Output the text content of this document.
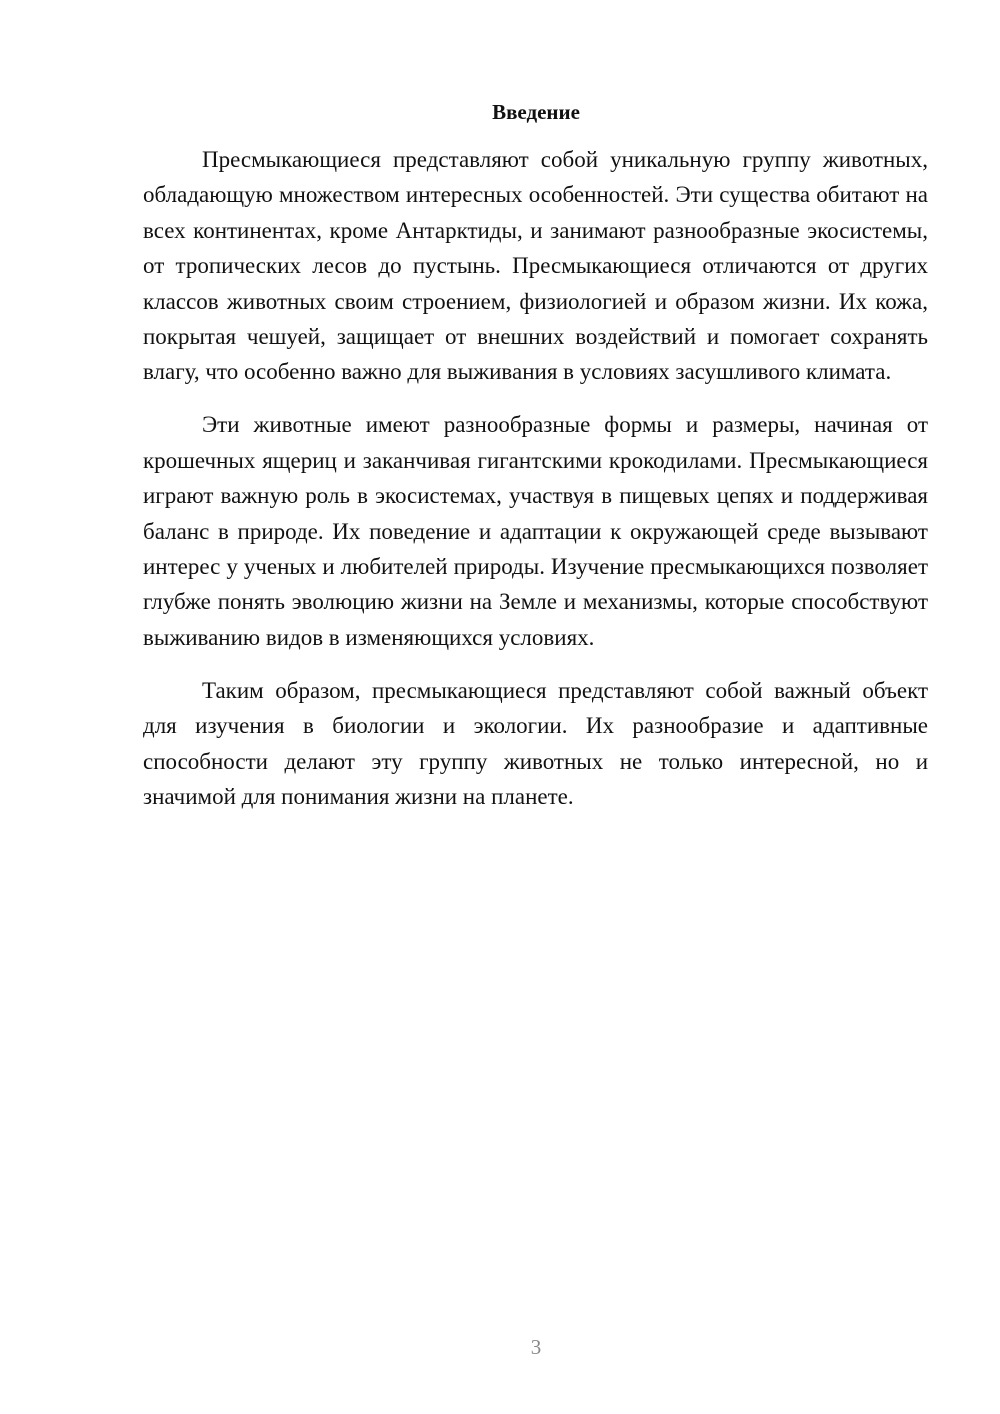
Введение

Пресмыкающиеся представляют собой уникальную группу животных, обладающую множеством интересных особенностей. Эти существа обитают на всех континентах, кроме Антарктиды, и занимают разнообразные экосистемы, от тропических лесов до пустынь. Пресмыкающиеся отличаются от других классов животных своим строением, физиологией и образом жизни. Их кожа, покрытая чешуей, защищает от внешних воздействий и помогает сохранять влагу, что особенно важно для выживания в условиях засушливого климата.

Эти животные имеют разнообразные формы и размеры, начиная от крошечных ящериц и заканчивая гигантскими крокодилами. Пресмыкающиеся играют важную роль в экосистемах, участвуя в пищевых цепях и поддерживая баланс в природе. Их поведение и адаптации к окружающей среде вызывают интерес у ученых и любителей природы. Изучение пресмыкающихся позволяет глубже понять эволюцию жизни на Земле и механизмы, которые способствуют выживанию видов в изменяющихся условиях.

Таким образом, пресмыкающиеся представляют собой важный объект для изучения в биологии и экологии. Их разнообразие и адаптивные способности делают эту группу животных не только интересной, но и значимой для понимания жизни на планете.

3
